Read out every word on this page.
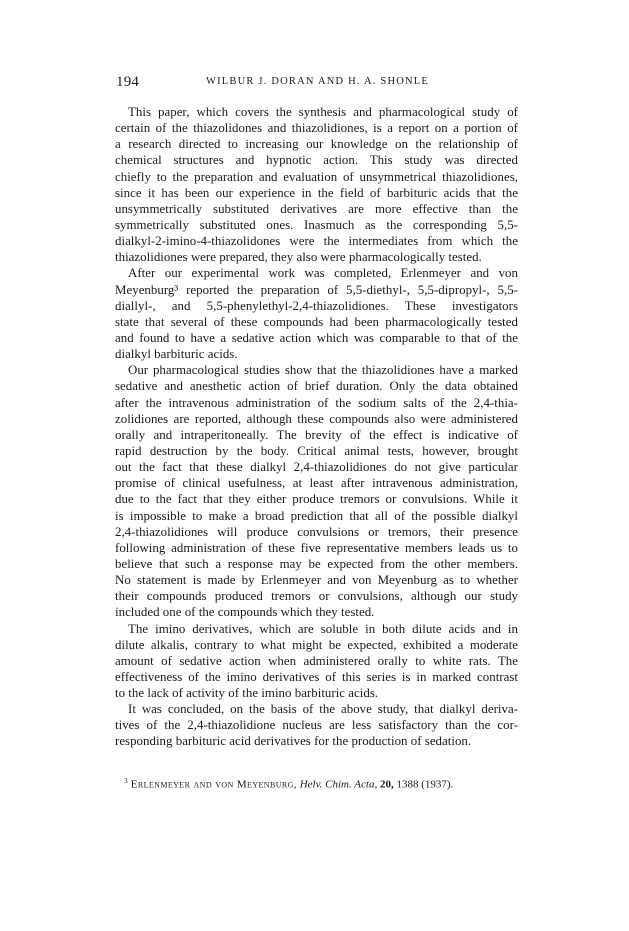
194	WILBUR J. DORAN AND H. A. SHONLE
This paper, which covers the synthesis and pharmacological study of
certain of the thiazolidones and thiazolidiones, is a report on a portion of
a research directed to increasing our knowledge on the relationship of
chemical structures and hypnotic action. This study was directed
chiefly to the preparation and evaluation of unsymmetrical thiazolidiones,
since it has been our experience in the field of barbituric acids that the
unsymmetrically substituted derivatives are more effective than the
symmetrically substituted ones. Inasmuch as the corresponding 5,5-
dialkyl-2-imino-4-thiazolidones were the intermediates from which the
thiazolidiones were prepared, they also were pharmacologically tested.
After our experimental work was completed, Erlenmeyer and von
Meyenburg³ reported the preparation of 5,5-diethyl-, 5,5-dipropyl-, 5,5-
diallyl-, and 5,5-phenylethyl-2,4-thiazolidiones. These investigators
state that several of these compounds had been pharmacologically tested
and found to have a sedative action which was comparable to that of the
dialkyl barbituric acids.
Our pharmacological studies show that the thiazolidiones have a marked
sedative and anesthetic action of brief duration. Only the data obtained
after the intravenous administration of the sodium salts of the 2,4-thia-
zolidiones are reported, although these compounds also were administered
orally and intraperitoneally. The brevity of the effect is indicative of
rapid destruction by the body. Critical animal tests, however, brought
out the fact that these dialkyl 2,4-thiazolidiones do not give particular
promise of clinical usefulness, at least after intravenous administration,
due to the fact that they either produce tremors or convulsions. While it
is impossible to make a broad prediction that all of the possible dialkyl
2,4-thiazolidiones will produce convulsions or tremors, their presence
following administration of these five representative members leads us to
believe that such a response may be expected from the other members.
No statement is made by Erlenmeyer and von Meyenburg as to whether
their compounds produced tremors or convulsions, although our study
included one of the compounds which they tested.
The imino derivatives, which are soluble in both dilute acids and in
dilute alkalis, contrary to what might be expected, exhibited a moderate
amount of sedative action when administered orally to white rats. The
effectiveness of the imino derivatives of this series is in marked contrast
to the lack of activity of the imino barbituric acids.
It was concluded, on the basis of the above study, that dialkyl deriva-
tives of the 2,4-thiazolidione nucleus are less satisfactory than the cor-
responding barbituric acid derivatives for the production of sedation.
$^3$ Erlenmeyer and von Meyenburg, Helv. Chim. Acta, 20, 1388 (1937).
